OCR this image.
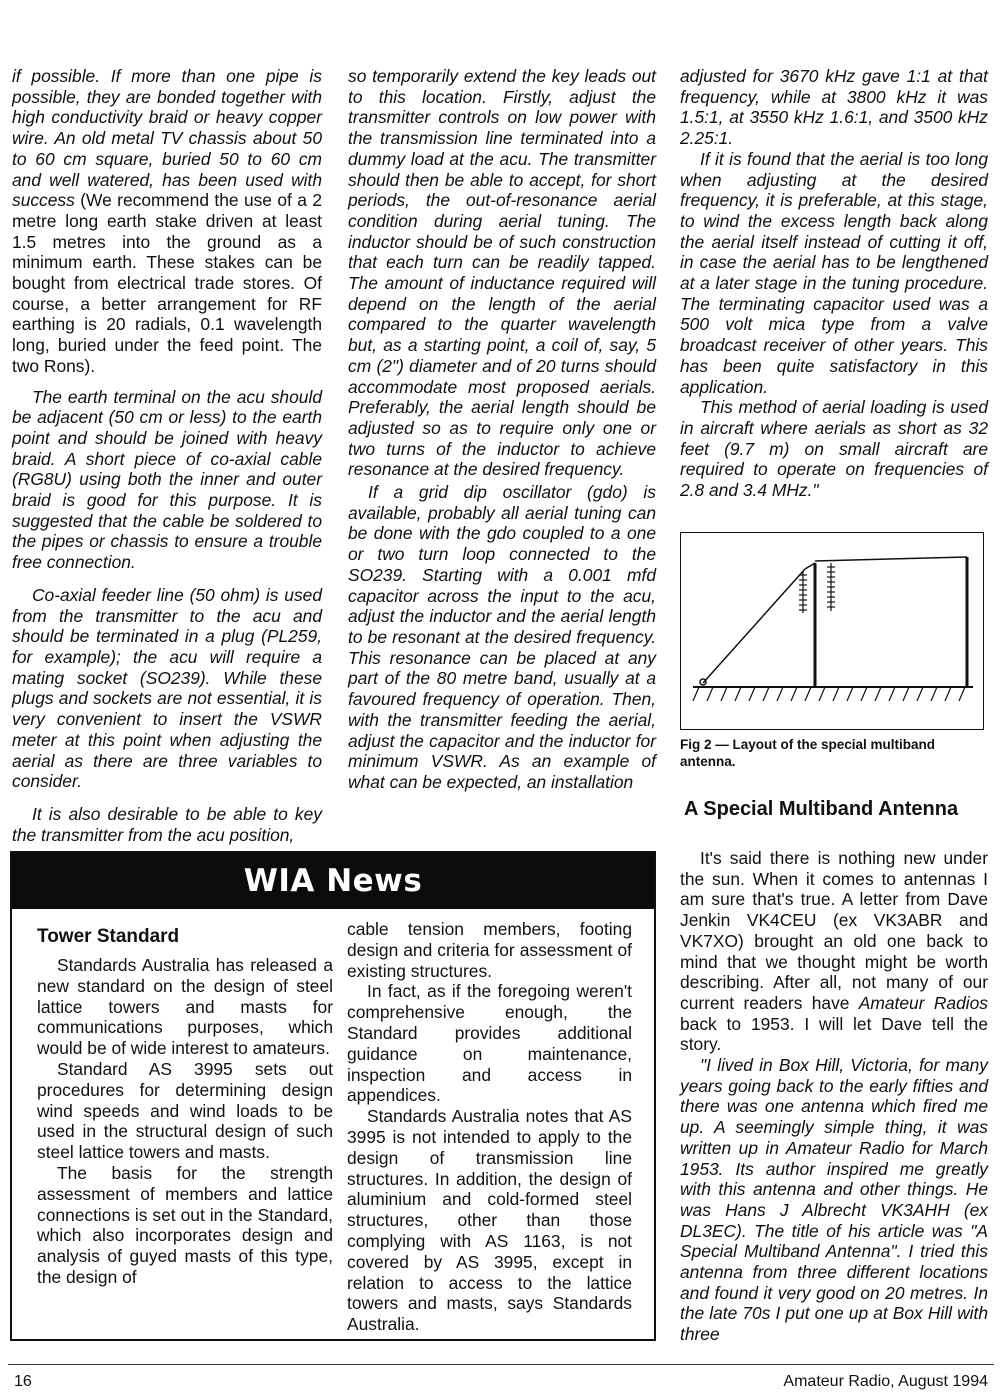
if possible. If more than one pipe is possible, they are bonded together with high conductivity braid or heavy copper wire. An old metal TV chassis about 50 to 60 cm square, buried 50 to 60 cm and well watered, has been used with success (We recommend the use of a 2 metre long earth stake driven at least 1.5 metres into the ground as a minimum earth. These stakes can be bought from electrical trade stores. Of course, a better arrangement for RF earthing is 20 radials, 0.1 wavelength long, buried under the feed point. The two Rons).

The earth terminal on the acu should be adjacent (50 cm or less) to the earth point and should be joined with heavy braid. A short piece of co-axial cable (RG8U) using both the inner and outer braid is good for this purpose. It is suggested that the cable be soldered to the pipes or chassis to ensure a trouble free connection.

Co-axial feeder line (50 ohm) is used from the transmitter to the acu and should be terminated in a plug (PL259, for example); the acu will require a mating socket (SO239). While these plugs and sockets are not essential, it is very convenient to insert the VSWR meter at this point when adjusting the aerial as there are three variables to consider.

It is also desirable to be able to key the transmitter from the acu position,

so temporarily extend the key leads out to this location. Firstly, adjust the transmitter controls on low power with the transmission line terminated into a dummy load at the acu. The transmitter should then be able to accept, for short periods, the out-of-resonance aerial condition during aerial tuning. The inductor should be of such construction that each turn can be readily tapped. The amount of inductance required will depend on the length of the aerial compared to the quarter wavelength but, as a starting point, a coil of, say, 5 cm (2") diameter and of 20 turns should accommodate most proposed aerials. Preferably, the aerial length should be adjusted so as to require only one or two turns of the inductor to achieve resonance at the desired frequency.

If a grid dip oscillator (gdo) is available, probably all aerial tuning can be done with the gdo coupled to a one or two turn loop connected to the SO239. Starting with a 0.001 mfd capacitor across the input to the acu, adjust the inductor and the aerial length to be resonant at the desired frequency. This resonance can be placed at any part of the 80 metre band, usually at a favoured frequency of operation. Then, with the transmitter feeding the aerial, adjust the capacitor and the inductor for minimum VSWR. As an example of what can be expected, an installation

adjusted for 3670 kHz gave 1:1 at that frequency, while at 3800 kHz it was 1.5:1, at 3550 kHz 1.6:1, and 3500 kHz 2.25:1.

If it is found that the aerial is too long when adjusting at the desired frequency, it is preferable, at this stage, to wind the excess length back along the aerial itself instead of cutting it off, in case the aerial has to be lengthened at a later stage in the tuning procedure. The terminating capacitor used was a 500 volt mica type from a valve broadcast receiver of other years. This has been quite satisfactory in this application.

This method of aerial loading is used in aircraft where aerials as short as 32 feet (9.7 m) on small aircraft are required to operate on frequencies of 2.8 and 3.4 MHz."

Fig 2 — Layout of the special multiband antenna.
A Special Multiband Antenna

It's said there is nothing new under the sun. When it comes to antennas I am sure that's true. A letter from Dave Jenkin VK4CEU (ex VK3ABR and VK7XO) brought an old one back to mind that we thought might be worth describing. After all, not many of our current readers have Amateur Radios back to 1953. I will let Dave tell the story.

"I lived in Box Hill, Victoria, for many years going back to the early fifties and there was one antenna which fired me up. A seemingly simple thing, it was written up in Amateur Radio for March 1953. Its author inspired me greatly with this antenna and other things. He was Hans J Albrecht VK3AHH (ex DL3EC). The title of his article was "A Special Multiband Antenna". I tried this antenna from three different locations and found it very good on 20 metres. In the late 70s I put one up at Box Hill with three

WIA News

Tower Standard

Standards Australia has released a new standard on the design of steel lattice towers and masts for communications purposes, which would be of wide interest to amateurs.

Standard AS 3995 sets out procedures for determining design wind speeds and wind loads to be used in the structural design of such steel lattice towers and masts.

The basis for the strength assessment of members and lattice connections is set out in the Standard, which also incorporates design and analysis of guyed masts of this type, the design of

cable tension members, footing design and criteria for assessment of existing structures.

In fact, as if the foregoing weren't comprehensive enough, the Standard provides additional guidance on maintenance, inspection and access in appendices.

Standards Australia notes that AS 3995 is not intended to apply to the design of transmission line structures. In addition, the design of aluminium and cold-formed steel structures, other than those complying with AS 1163, is not covered by AS 3995, except in relation to access to the lattice towers and masts, says Standards Australia.

16	Amateur Radio, August 1994
